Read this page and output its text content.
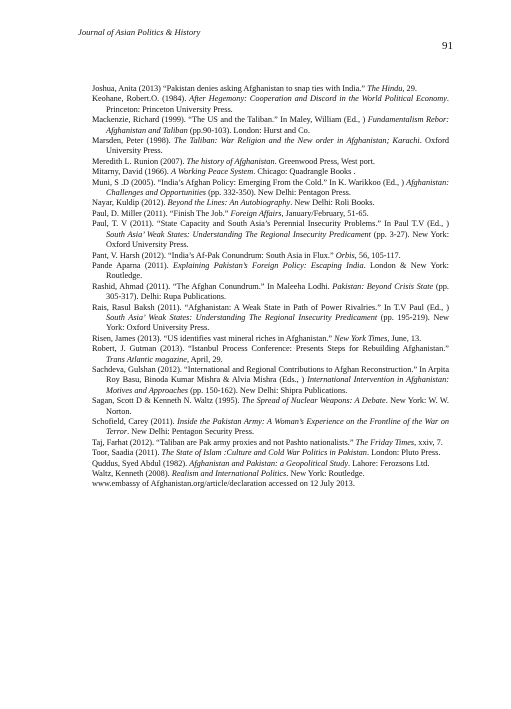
Journal of Asian Politics & History
91

Joshua, Anita (2013) “Pakistan denies asking Afghanistan to snap ties with India.” The Hindu, 29.

Keohane, Robert.O. (1984). After Hegemony: Cooperation and Discord in the World Political Economy. Princeton: Princeton University Press.

Mackenzie, Richard (1999). “The US and the Taliban.” In Maley, William (Ed., ) Fundamentalism Rebor: Afghanistan and Taliban (pp.90-103). London: Hurst and Co.

Marsden, Peter (1998). The Taliban: War Religion and the New order in Afghanistan; Karachi. Oxford University Press.

Meredith L. Runion (2007). The history of Afghanistan. Greenwood Press, West port.

Mitarny, David (1966). A Working Peace System. Chicago: Quadrangle Books .

Muni, S .D (2005). “India’s Afghan Policy: Emerging From the Cold.” In K. Warikkoo (Ed., ) Afghanistan: Challenges and Opportunities (pp. 332-350). New Delhi: Pentagon Press.

Nayar, Kuldip (2012). Beyond the Lines: An Autobiography. New Delhi: Roli Books.

Paul, D. Miller (2011). “Finish The Job.” Foreign Affairs, January/February, 51-65.

Paul, T. V (2011). “State Capacity and South Asia’s Perennial Insecurity Problems.” In Paul T.V (Ed., ) South Asia’ Weak States: Understanding The Regional Insecurity Predicament (pp. 3-27). New York: Oxford University Press.

Pant, V. Harsh (2012). “India’s Af-Pak Conundrum: South Asia in Flux.” Orbis, 56, 105-117.

Pande Aparna (2011). Explaining Pakistan’s Foreign Policy: Escaping India. London & New York: Routledge.

Rashid, Ahmad (2011). “The Afghan Conundrum.” In Maleeha Lodhi. Pakistan: Beyond Crisis State (pp. 305-317). Delhi: Rupa Publications.

Rais, Rasul Baksh (2011). “Afghanistan: A Weak State in Path of Power Rivalries.” In T.V Paul (Ed., ) South Asia’ Weak States: Understanding The Regional Insecurity Predicament (pp. 195-219). New York: Oxford University Press.

Risen, James (2013). “US identifies vast mineral riches in Afghanistan.” New York Times, June, 13.

Robert, J. Gutman (2013). “Istanbul Process Conference: Presents Steps for Rebuilding Afghanistan.” Trans Atlantic magazine, April, 29.

Sachdeva, Gulshan (2012). “International and Regional Contributions to Afghan Reconstruction.” In Arpita Roy Basu, Binoda Kumar Mishra & Alvia Mishra (Eds., ) International Intervention in Afghanistan: Motives and Approaches (pp. 150-162). New Delhi: Shipra Publications.

Sagan, Scott D & Kenneth N. Waltz (1995). The Spread of Nuclear Weapons: A Debate. New York: W. W. Norton.

Schofield, Carey (2011). Inside the Pakistan Army: A Woman’s Experience on the Frontline of the War on Terror. New Delhi: Pentagon Security Press.

Taj, Farhat (2012). “Taliban are Pak army proxies and not Pashto nationalists.” The Friday Times, xxiv, 7.

Toor, Saadia (2011). The State of Islam :Culture and Cold War Politics in Pakistan. London: Pluto Press.

Quddus, Syed Abdul (1982). Afghanistan and Pakistan: a Geopolitical Study. Lahore: Ferozsons Ltd.

Waltz, Kenneth (2008). Realism and International Politics. New York: Routledge.

www.embassy of Afghanistan.org/article/declaration accessed on 12 July 2013.
